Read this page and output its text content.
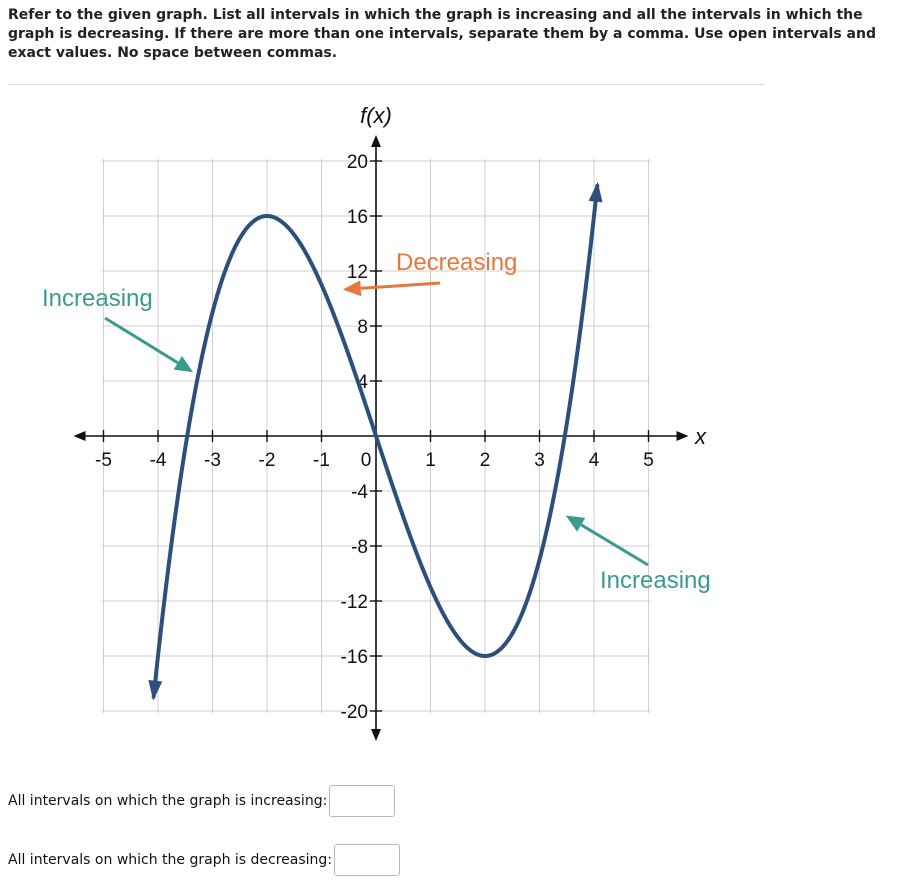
Refer to the given graph. List all intervals in which the graph is increasing and all the intervals in which the graph is decreasing. If there are more than one intervals, separate them by a comma. Use open intervals and exact values. No space between commas.
f(x)
x
-5 -4 -3 -2 -1 0	1 2 3 4 5
20
16
12
8
4
-4
-8
-12
-16
-20
Increasing
Decreasing
Increasing
All intervals on which the graph is increasing:
All intervals on which the graph is decreasing:
